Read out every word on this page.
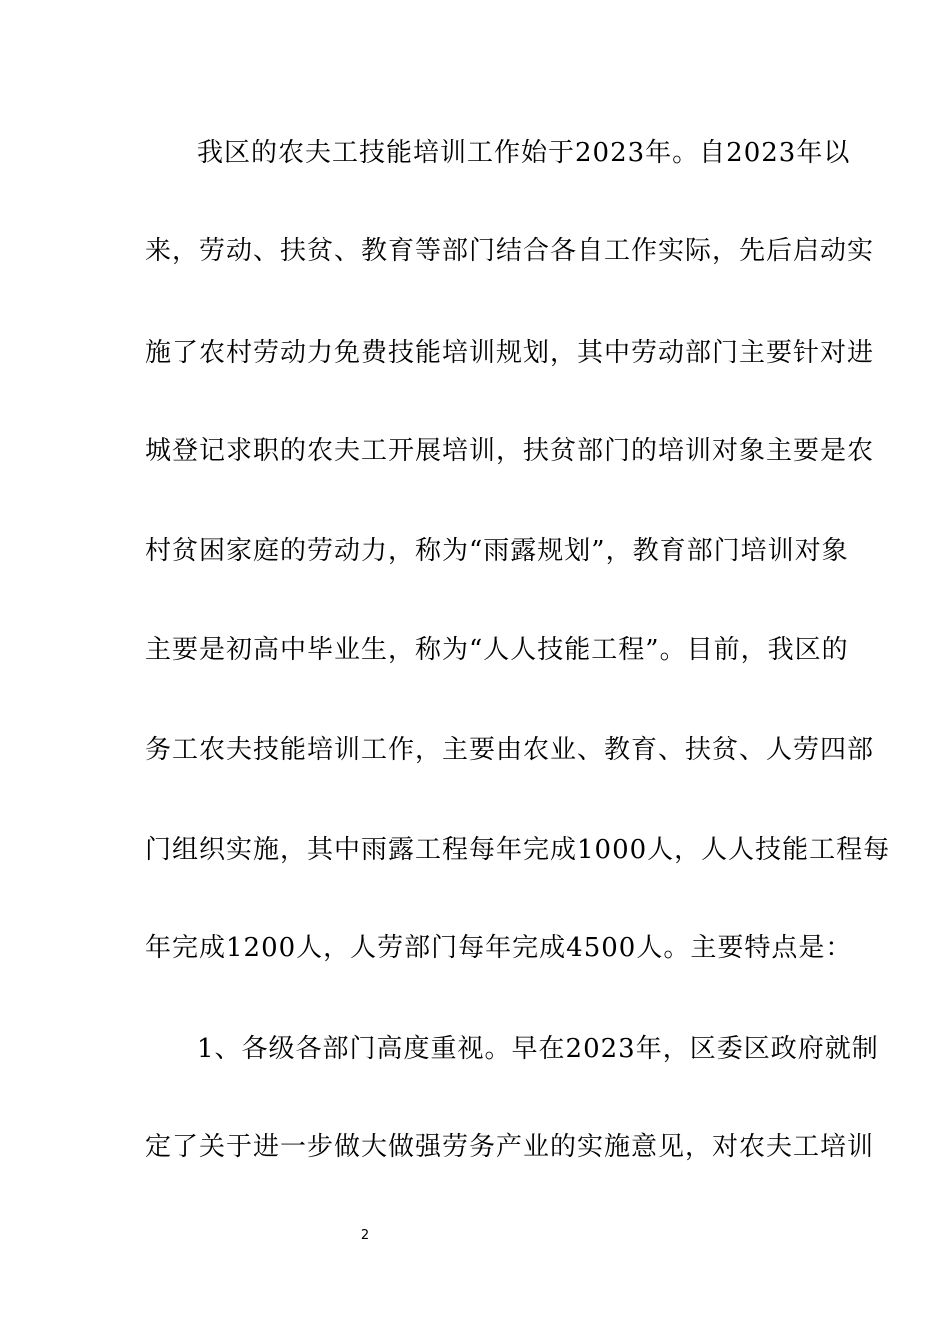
我区的农夫工技能培训工作始于2023年。自2023年以
来，劳动、扶贫、教育等部门结合各自工作实际，先后启动实
施了农村劳动力免费技能培训规划，其中劳动部门主要针对进
城登记求职的农夫工开展培训，扶贫部门的培训对象主要是农
村贫困家庭的劳动力，称为“雨露规划”，教育部门培训对象
主要是初高中毕业生，称为“人人技能工程”。目前，我区的
务工农夫技能培训工作，主要由农业、教育、扶贫、人劳四部
门组织实施，其中雨露工程每年完成1000人，人人技能工程每
年完成1200人，人劳部门每年完成4500人。主要特点是：
1、各级各部门高度重视。早在2023年，区委区政府就制
定了关于进一步做大做强劳务产业的实施意见，对农夫工培训
2
